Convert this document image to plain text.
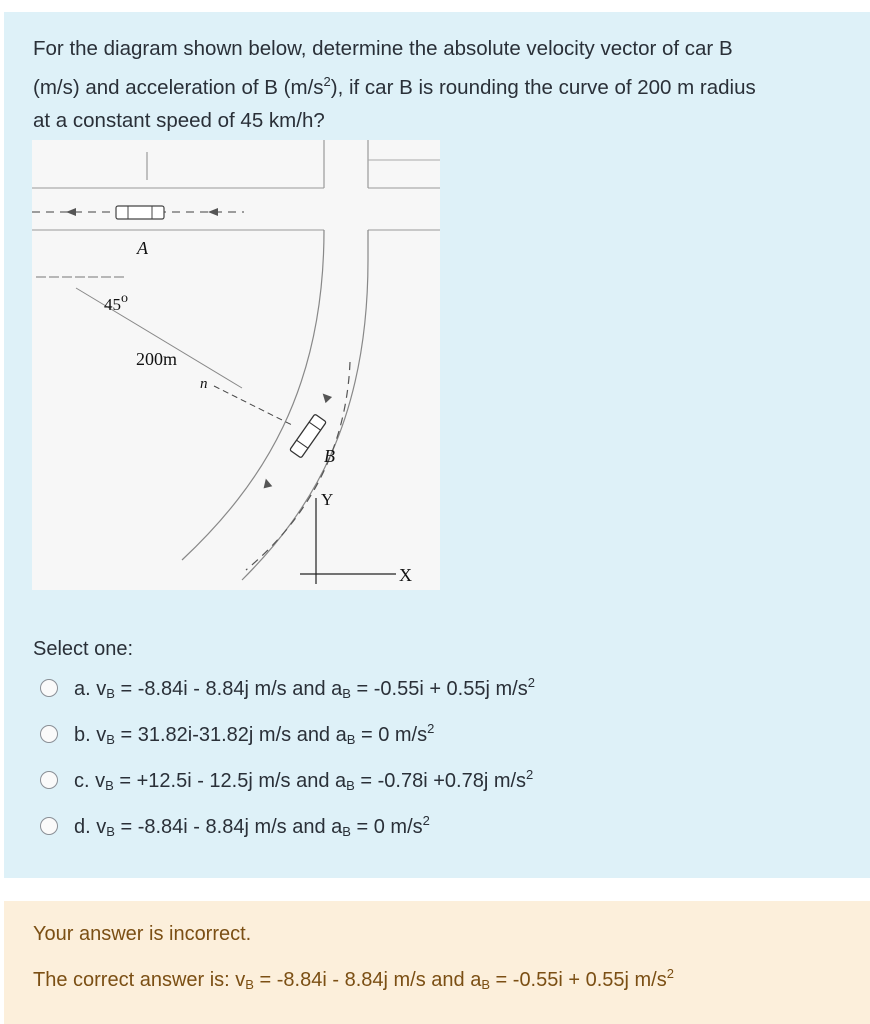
For the diagram shown below, determine the absolute velocity vector of car B
(m/s) and acceleration of B $(m/s^2)$, if car B is rounding the curve of 200 m radius
at a constant speed of 45 km/h?

A
45$^o$
200m
n
B
Y
X
Select one:
a. $v_B = -8.84i - 8.84j$ m/s and $a_B = -0.55i + 0.55j$ $m/s^2$
b. $v_B = 31.82i-31.82j$ m/s and $a_B = 0$ $m/s^2$
c. $v_B = +12.5i - 12.5j$ m/s and $a_B = -0.78i +0.78j$ $m/s^2$
d. $v_B = -8.84i - 8.84j$ m/s and $a_B = 0$ $m/s^2$
Your answer is incorrect.
The correct answer is: $v_B = -8.84i - 8.84j$ m/s and $a_B = -0.55i + 0.55j$ $m/s^2$
